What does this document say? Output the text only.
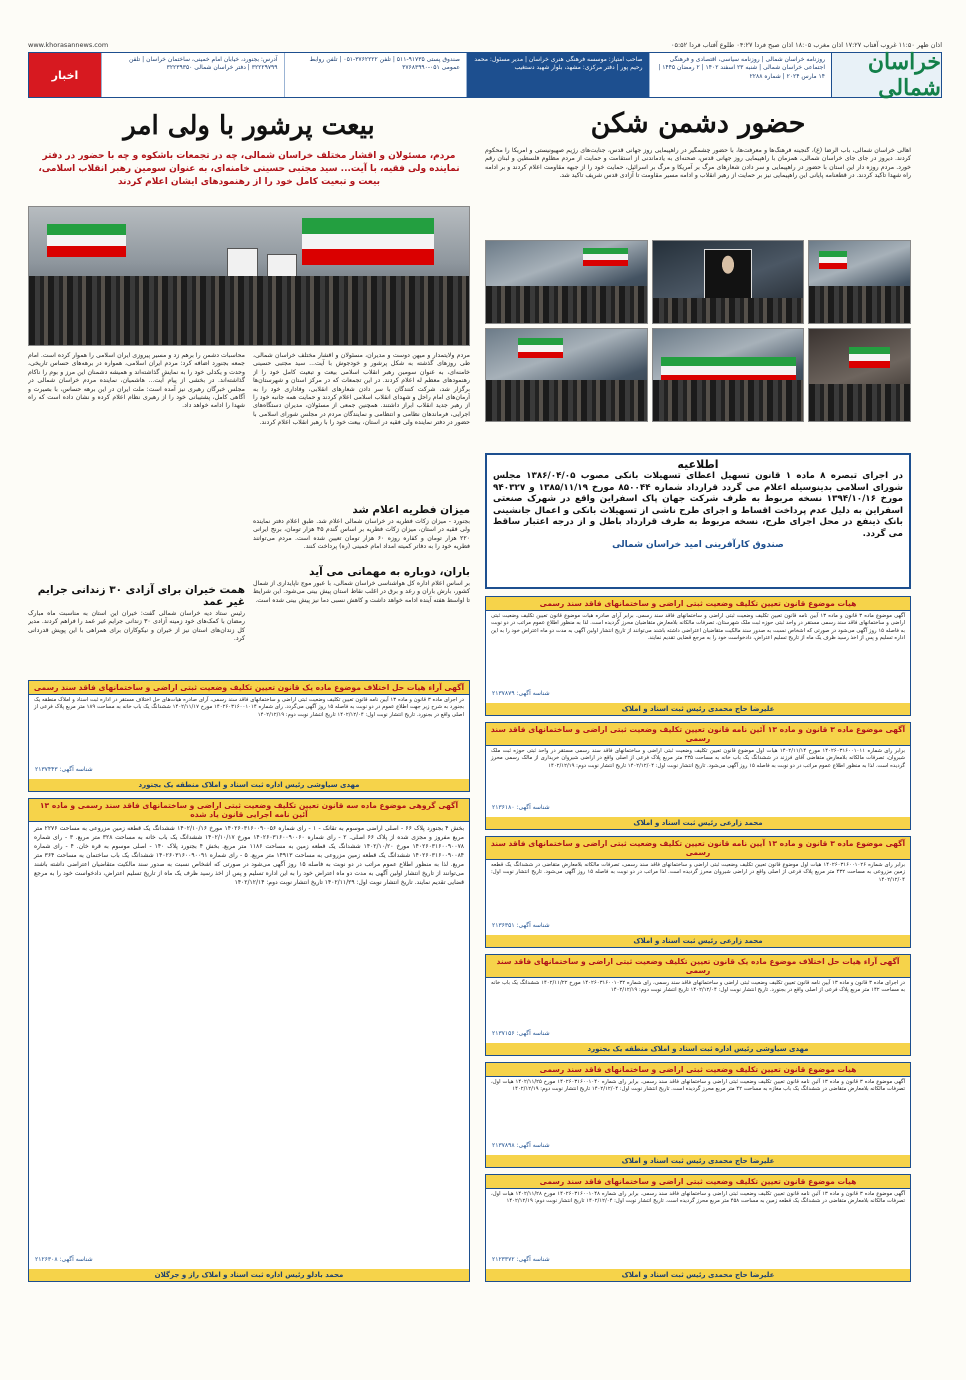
www.khorasannews.com	اذان ظهر ۱۱:۵۰ غروب آفتاب ۱۷:۲۷ اذان مغرب ۱۸:۰۵ اذان صبح فردا ۰۴:۲۷ طلوع آفتاب فردا ۰۵:۵۲
خراسان شمالی
روزنامه خراسان شمالی | روزنامه سیاسی، اقتصادی و فرهنگی اجتماعی خراسان شمالی | شنبه ۲۳ اسفند ۱۴۰۲ | ۲ رمضان ۱۴۴۵ | ۱۴ مارس ۲۰۲۴ | شماره ۲۲۸۸
صاحب امتیاز: موسسه فرهنگی هنری خراسان | مدیر مسئول: محمد رحیم پور | دفتر مرکزی: مشهد، بلوار شهید دستغیب
صندوق پستی ۹۱۷۳۵-۵۱۱ | تلفن ۳۷۶۲۲۲۲-۰۵۱ | تلفن روابط عمومی ۰۵۱-۳۷۶۸۳۹۹۰
آدرس: بجنورد، خیابان امام خمینی، ساختمان خراسان | تلفن ۳۲۲۲۹۷۹۹ | دفتر خراسان شمالی ۳۲۲۳۹۳۵۰
اخبار
حضور دشمن شکن
اهالی خراسان شمالی، باب الرضا (ع)، گنجینه فرهنگ‌ها و معرفت‌ها، با حضور چشمگیر در راهپیمایی روز جهانی قدس، جنایت‌های رژیم صهیونیستی و آمریکا را محکوم کردند. دیروز در جای جای خراسان شمالی، همزمان با راهپیمایی روز جهانی قدس، صحنه‌ای به یادماندنی از استقامت و حمایت از مردم مظلوم فلسطین و لبنان رقم خورد. مردم روزه دار این استان با حضور در راهپیمایی و سر دادن شعارهای مرگ بر آمریکا و مرگ بر اسرائیل، حمایت خود را از جبهه مقاومت اعلام کردند و بر ادامه راه شهدا تاکید کردند. در قطعنامه پایانی این راهپیمایی نیز بر حمایت از رهبر انقلاب و ادامه مسیر مقاومت تا آزادی قدس شریف تاکید شد.
بیعت پرشور با ولی امر
مردم، مسئولان و اقشار مختلف خراسان شمالی، چه در تجمعات باشکوه و چه با حضور در دفتر نماینده ولی فقیه، با آیت... سید مجتبی حسینی خامنه‌ای، به عنوان سومین رهبر انقلاب اسلامی، بیعت و تبعیت کامل خود را از رهنمودهای ایشان اعلام کردند
مردم ولایتمدار و میهن دوست و مدیران، مسئولان و اقشار مختلف خراسان شمالی، طی روزهای گذشته به شکل پرشور و خودجوش با آیت... سید مجتبی حسینی خامنه‌ای، به عنوان سومین رهبر انقلاب اسلامی بیعت و تبعیت کامل خود را از رهنمودهای معظم له اعلام کردند. در این تجمعات که در مرکز استان و شهرستان‌ها برگزار شد، شرکت کنندگان با سر دادن شعارهای انقلابی، وفاداری خود را به آرمان‌های امام راحل و شهدای انقلاب اسلامی اعلام کردند و حمایت همه جانبه خود را از رهبر جدید انقلاب ابراز داشتند. همچنین جمعی از مسئولان، مدیران دستگاه‌های اجرایی، فرماندهان نظامی و انتظامی و نمایندگان مردم در مجلس شورای اسلامی با حضور در دفتر نماینده ولی فقیه در استان، بیعت خود را با رهبر انقلاب اعلام کردند.
محاسبات دشمن را برهم زد و مسیر پیروزی ایران اسلامی را هموار کرده است. امام جمعه بجنورد اضافه کرد: مردم ایران اسلامی، همواره در برهه‌های حساس تاریخی، وحدت و یکدلی خود را به نمایش گذاشته‌اند و همیشه دشمنان این مرز و بوم را ناکام گذاشته‌اند. در بخشی از پیام آیت... هاشمیان، نماینده مردم خراسان شمالی در مجلس خبرگان رهبری نیز آمده است: ملت ایران در این برهه حساس، با بصیرت و آگاهی کامل، پشتیبانی خود را از رهبری نظام اعلام کرده و نشان داده است که راه شهدا را ادامه خواهد داد.
میزان فطریه اعلام شد
بجنورد - میزان زکات فطریه در خراسان شمالی اعلام شد. طبق اعلام دفتر نماینده ولی فقیه در استان، میزان زکات فطریه بر اساس گندم ۴۵ هزار تومان، برنج ایرانی ۲۲۰ هزار تومان و کفاره روزه ۶۰ هزار تومان تعیین شده است. مردم می‌توانند فطریه خود را به دفاتر کمیته امداد امام خمینی (ره) پرداخت کنند.
باران، دوباره به مهمانی می آید
بر اساس اعلام اداره کل هواشناسی خراسان شمالی، با عبور موج ناپایداری از شمال کشور، بارش باران و رعد و برق در اغلب نقاط استان پیش بینی می‌شود. این شرایط تا اواسط هفته آینده ادامه خواهد داشت و کاهش نسبی دما نیز پیش بینی شده است.
همت خیران برای آزادی ۳۰ زندانی جرایم غیر عمد
رئیس ستاد دیه خراسان شمالی گفت: خیران این استان به مناسبت ماه مبارک رمضان با کمک‌های خود زمینه آزادی ۳۰ زندانی جرایم غیر عمد را فراهم کردند. مدیر کل زندان‌های استان نیز از خیران و نیکوکاران برای همراهی با این پویش قدردانی کرد.
اطلاعیه
در اجرای تبصره ۸ ماده ۱ قانون تسهیل اعطای تسهیلات بانکی مصوب ۱۳۸۶/۰۴/۰۵ مجلس شورای اسلامی بدینوسیله اعلام می گردد قرارداد شماره ۸۵۰۰۴۴ مورخ ۱۳۸۵/۱۱/۱۹ و ۹۴۰۳۲۷ مورخ ۱۳۹۴/۱۰/۱۶ نسخه مربوط به طرف شرکت جهان پاک اسفراین واقع در شهرک صنعتی اسفراین به دلیل عدم پرداخت اقساط و اجرای طرح ناشی از تسهیلات بانکی و اعمال جانشینی بانک ذینفع در محل اجرای طرح، نسخه مربوط به طرف قرارداد باطل و از درجه اعتبار ساقط می گردد.
صندوق کارآفرینی امید خراسان شمالی
هیات موضوع قانون تعیین تکلیف وضعیت ثبتی اراضی و ساختمانهای فاقد سند رسمی
آگهی موضوع ماده ۳ قانون و ماده ۱۳ آیین نامه قانون تعیین تکلیف وضعیت ثبتی اراضی و ساختمانهای فاقد سند رسمی. برابر آرای صادره هیات موضوع قانون تعیین تکلیف وضعیت ثبتی اراضی و ساختمانهای فاقد سند رسمی مستقر در واحد ثبتی حوزه ثبت ملک شهرستان، تصرفات مالکانه بلامعارض متقاضیان محرز گردیده است. لذا به منظور اطلاع عموم مراتب در دو نوبت به فاصله ۱۵ روز آگهی می‌شود در صورتی که اشخاص نسبت به صدور سند مالکیت متقاضیان اعتراضی داشته باشند می‌توانند از تاریخ انتشار اولین آگهی به مدت دو ماه اعتراض خود را به این اداره تسلیم و پس از اخذ رسید ظرف یک ماه از تاریخ تسلیم اعتراض، دادخواست خود را به مرجع قضایی تقدیم نمایند.
شناسه آگهی: ۲۱۳۷۸۷۹
علیرضا حاج محمدی رئیس ثبت اسناد و املاک
آگهی موضوع ماده ۳ قانون و ماده ۱۳ آئین نامه قانون تعیین تکلیف وضعیت ثبتی اراضی و ساختمانهای فاقد سند رسمی
برابر رای شماره ۱۴۰۲۶۰۳۱۶۰۰۱۰۱۱ مورخ ۱۴۰۲/۱۱/۱۴ هیات اول موضوع قانون تعیین تکلیف وضعیت ثبتی اراضی و ساختمانهای فاقد سند رسمی مستقر در واحد ثبتی حوزه ثبت ملک شیروان، تصرفات مالکانه بلامعارض متقاضی آقای فرزند در ششدانگ یک باب خانه به مساحت ۲۳۵ متر مربع پلاک فرعی از اصلی واقع در اراضی شیروان خریداری از مالک رسمی محرز گردیده است. لذا به منظور اطلاع عموم مراتب در دو نوبت به فاصله ۱۵ روز آگهی می‌شود. تاریخ انتشار نوبت اول: ۱۴۰۲/۱۲/۰۴ تاریخ انتشار نوبت دوم: ۱۴۰۲/۱۲/۱۹
شناسه آگهی: ۲۱۳۶۱۸۰
محمد زارعی رئیس ثبت اسناد و املاک
آگهی موضوع ماده ۳ قانون و ماده ۱۳ آیین نامه قانون تعیین تکلیف وضعیت ثبتی اراضی و ساختمانهای فاقد سند رسمی
برابر رای شماره ۱۴۰۲۶۰۳۱۶۰۰۱۰۲۶ هیات اول موضوع قانون تعیین تکلیف وضعیت ثبتی اراضی و ساختمانهای فاقد سند رسمی، تصرفات مالکانه بلامعارض متقاضی در ششدانگ یک قطعه زمین مزروعی به مساحت ۴۳۲ متر مربع پلاک فرعی از اصلی واقع در اراضی شیروان محرز گردیده است. لذا مراتب در دو نوبت به فاصله ۱۵ روز آگهی می‌شود. تاریخ انتشار نوبت اول: ۱۴۰۲/۱۲/۰۴
شناسه آگهی: ۲۱۳۶۳۵۱
محمد زارعی رئیس ثبت اسناد و املاک
آگهی آراء هیات حل اختلاف موضوع ماده یک قانون تعیین تکلیف وضعیت ثبتی اراضی و ساختمانهای فاقد سند رسمی
در اجرای ماده ۳ قانون و ماده ۱۳ آیین نامه قانون تعیین تکلیف وضعیت ثبتی اراضی و ساختمانهای فاقد سند رسمی، رای شماره ۱۴۰۲۶۰۳۱۶۰۰۱۰۳۲ مورخ ۱۴۰۲/۱۱/۲۲ ششدانگ یک باب خانه به مساحت ۱۴۲ متر مربع پلاک فرعی از اصلی واقع در بجنورد. تاریخ انتشار نوبت اول: ۱۴۰۲/۱۲/۰۴ تاریخ انتشار نوبت دوم: ۱۴۰۲/۱۲/۱۹
شناسه آگهی: ۲۱۳۷۱۵۶
مهدی سیاوشی رئیس اداره ثبت اسناد و املاک منطقه یک بجنورد
هیات موضوع قانون تعیین تکلیف وضعیت ثبتی اراضی و ساختمانهای فاقد سند رسمی
آگهی موضوع ماده ۳ قانون و ماده ۱۳ آئین نامه قانون تعیین تکلیف وضعیت ثبتی اراضی و ساختمانهای فاقد سند رسمی. برابر رای شماره ۱۴۰۲۶۰۳۱۶۰۰۱۰۴۰ مورخ ۱۴۰۲/۱۱/۲۵ هیات اول، تصرفات مالکانه بلامعارض متقاضی در ششدانگ یک باب مغازه به مساحت ۴۲ متر مربع محرز گردیده است. تاریخ انتشار نوبت اول: ۱۴۰۲/۱۲/۰۴ تاریخ انتشار نوبت دوم: ۱۴۰۲/۱۲/۱۹
شناسه آگهی: ۲۱۳۷۸۹۸
علیرضا حاج محمدی رئیس ثبت اسناد و املاک
هیات موضوع قانون تعیین تکلیف وضعیت ثبتی اراضی و ساختمانهای فاقد سند رسمی
آگهی موضوع ماده ۳ قانون و ماده ۱۳ آئین نامه قانون تعیین تکلیف وضعیت ثبتی اراضی و ساختمانهای فاقد سند رسمی. برابر رای شماره ۱۴۰۲۶۰۳۱۶۰۰۱۰۴۸ مورخ ۱۴۰۲/۱۱/۲۸ هیات اول، تصرفات مالکانه بلامعارض متقاضی در ششدانگ یک قطعه زمین به مساحت ۴۵۸ متر مربع محرز گردیده است. تاریخ انتشار نوبت اول: ۱۴۰۲/۱۲/۰۴ تاریخ انتشار نوبت دوم: ۱۴۰۲/۱۲/۱۹
شناسه آگهی: ۲۱۲۳۳۷۲
علیرضا حاج محمدی رئیس ثبت اسناد و املاک
آگهی آراء هیات حل اختلاف موضوع ماده یک قانون تعیین تکلیف وضعیت ثبتی اراضی و ساختمانهای فاقد سند رسمی
در اجرای ماده ۳ قانون و ماده ۱۳ آیین نامه قانون تعیین تکلیف وضعیت ثبتی اراضی و ساختمانهای فاقد سند رسمی، آرای صادره هیات‌های حل اختلاف مستقر در اداره ثبت اسناد و املاک منطقه یک بجنورد به شرح زیر جهت اطلاع عموم در دو نوبت به فاصله ۱۵ روز آگهی می‌گردد. رای شماره ۱۴۰۲۶۰۳۱۶۰۰۱۰۱۴ مورخ ۱۴۰۲/۱۱/۱۷ ششدانگ یک باب خانه به مساحت ۱۸۹ متر مربع پلاک فرعی از اصلی واقع در بجنورد. تاریخ انتشار نوبت اول: ۱۴۰۲/۱۲/۰۴ تاریخ انتشار نوبت دوم: ۱۴۰۲/۱۲/۱۹
شناسه آگهی: ۲۱۳۷۴۴۳
مهدی سیاوشی رئیس اداره ثبت اسناد و املاک منطقه یک بجنورد
آگهی گروهی موضوع ماده سه قانون تعیین تکلیف وضعیت ثبتی اراضی و ساختمانهای فاقد سند رسمی و ماده ۱۳ آئین نامه اجرایی قانون یاد شده
بخش ۴ بجنورد پلاک ۶۶ - اصلی اراضی موسوم به تقانک - ۱ - رای شماره ۱۴۰۲۶۰۳۱۶۰۰۹۰۰۵۶ مورخ ۱۴۰۲/۱۰/۱۶ ششدانگ یک قطعه زمین مزروعی به مساحت ۲۲۷۶ متر مربع مفروز و مجزی شده از پلاک ۶۶ اصلی. ۲ - رای شماره ۱۴۰۲۶۰۳۱۶۰۰۹۰۰۶۰ مورخ ۱۴۰۲/۱۰/۱۷ ششدانگ یک باب خانه به مساحت ۳۲۸ متر مربع. ۳ - رای شماره ۱۴۰۲۶۰۳۱۶۰۰۹۰۰۷۸ مورخ ۱۴۰۲/۱۰/۲۰ ششدانگ یک قطعه زمین به مساحت ۱۱۸۶ متر مربع. بخش ۴ بجنورد پلاک ۱۴۰ - اصلی موسوم به قره خان. ۴ - رای شماره ۱۴۰۲۶۰۳۱۶۰۰۹۰۰۸۴ ششدانگ یک قطعه زمین مزروعی به مساحت ۱۴۹۱۳ متر مربع. ۵ - رای شماره ۱۴۰۲۶۰۳۱۶۰۰۹۰۰۹۱ ششدانگ یک باب ساختمان به مساحت ۳۶۴ متر مربع. لذا به منظور اطلاع عموم مراتب در دو نوبت به فاصله ۱۵ روز آگهی می‌شود در صورتی که اشخاص نسبت به صدور سند مالکیت متقاضیان اعتراضی داشته باشند می‌توانند از تاریخ انتشار اولین آگهی به مدت دو ماه اعتراض خود را به این اداره تسلیم و پس از اخذ رسید ظرف یک ماه از تاریخ تسلیم اعتراض، دادخواست خود را به مرجع قضایی تقدیم نمایند. تاریخ انتشار نوبت اول: ۱۴۰۲/۱۱/۲۹ تاریخ انتشار نوبت دوم: ۱۴۰۲/۱۲/۱۴
شناسه آگهی: ۲۱۲۶۳۰۸
محمد بادلو رئیس اداره ثبت اسناد و املاک راز و جرگلان
